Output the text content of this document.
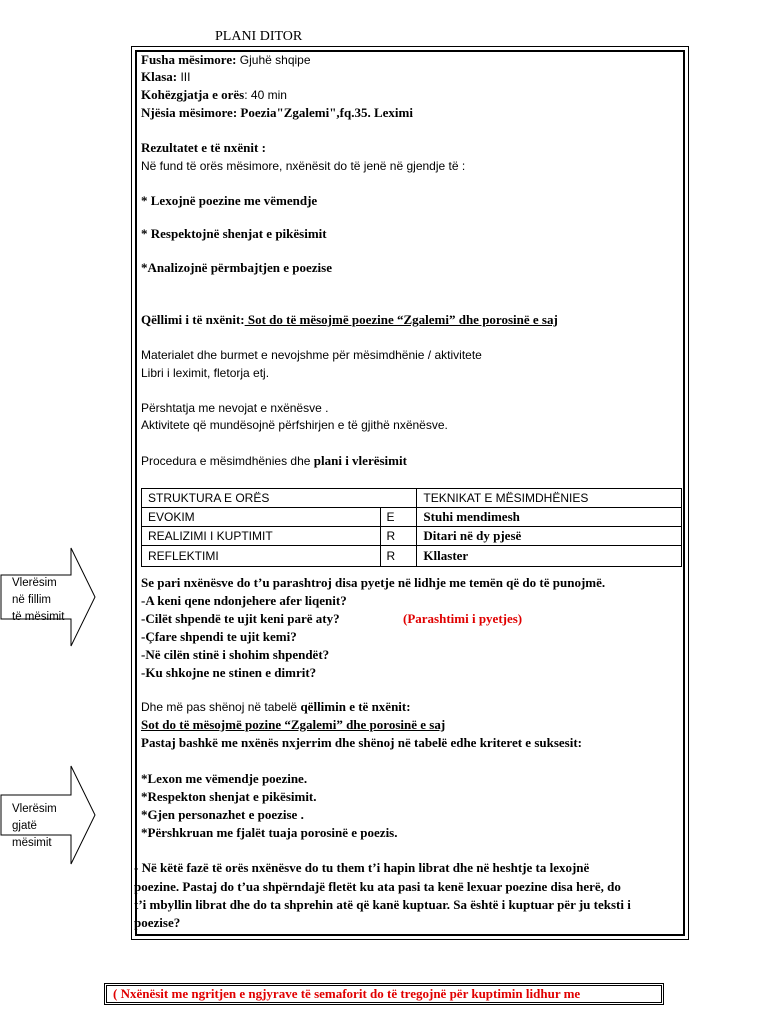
PLANI DITOR
Fusha mësimore: Gjuhë shqipe
Klasa: III
Kohëzgjatja e orës: 40 min
Njësia mësimore: Poezia"Zgalemi",fq.35. Leximi
Rezultatet e të nxënit :
Në fund të orës mësimore, nxënësit do të jenë në gjendje të :
* Lexojnë poezine me vëmendje
* Respektojnë shenjat e pikësimit
*Analizojnë përmbajtjen e poezise
Qëllimi i të nxënit: Sot do të mësojmë poezine “Zgalemi” dhe porosinë e saj
Materialet dhe burmet e nevojshme për mësimdhënie / aktivitete
Libri i leximit, fletorja etj.
Përshtatja me nevojat e nxënësve .
Aktivitete që mundësojnë përfshirjen e të gjithë nxënësve.
Procedura e mësimdhënies dhe plani i vlerësimit
STRUKTURA E ORËS		TEKNIKAT E MËSIMDHËNIES
EVOKIM	E	Stuhi mendimesh
REALIZIMI I KUPTIMIT	R	Ditari në dy pjesë
REFLEKTIMI	R	Kllaster
Se pari nxënësve do t’u parashtroj disa pyetje në lidhje me temën që do të punojmë.
-A keni qene ndonjehere afer liqenit?
-Cilët shpendë te ujit keni parë aty?	(Parashtimi i pyetjes)
-Çfare shpendi te ujit kemi?
-Në cilën stinë i shohim shpendët?
-Ku shkojne ne stinen e dimrit?
Dhe më pas shënoj në tabelë qëllimin e të nxënit:
Sot do të mësojmë pozine “Zgalemi” dhe porosinë e saj
Pastaj bashkë me nxënës nxjerrim dhe shënoj në tabelë edhe kriteret e suksesit:
*Lexon me vëmendje poezine.
*Respekton shenjat e pikësimit.
*Gjen personazhet e poezise .
*Përshkruan me fjalët tuaja porosinë e poezis.
- Në këtë fazë të orës nxënësve do tu them t’i hapin librat dhe në heshtje ta lexojnë
poezine. Pastaj do t’ua shpërndajë fletët ku ata pasi ta kenë lexuar poezine disa herë, do
t’i mbyllin librat dhe do ta shprehin atë që kanë kuptuar. Sa është i kuptuar për ju teksti i
poezise?
Vlerësim
në fillim
të mësimit
Vlerësim
gjatë
mësimit
( Nxënësit me ngritjen e ngjyrave të semaforit do të tregojnë për kuptimin lidhur me
